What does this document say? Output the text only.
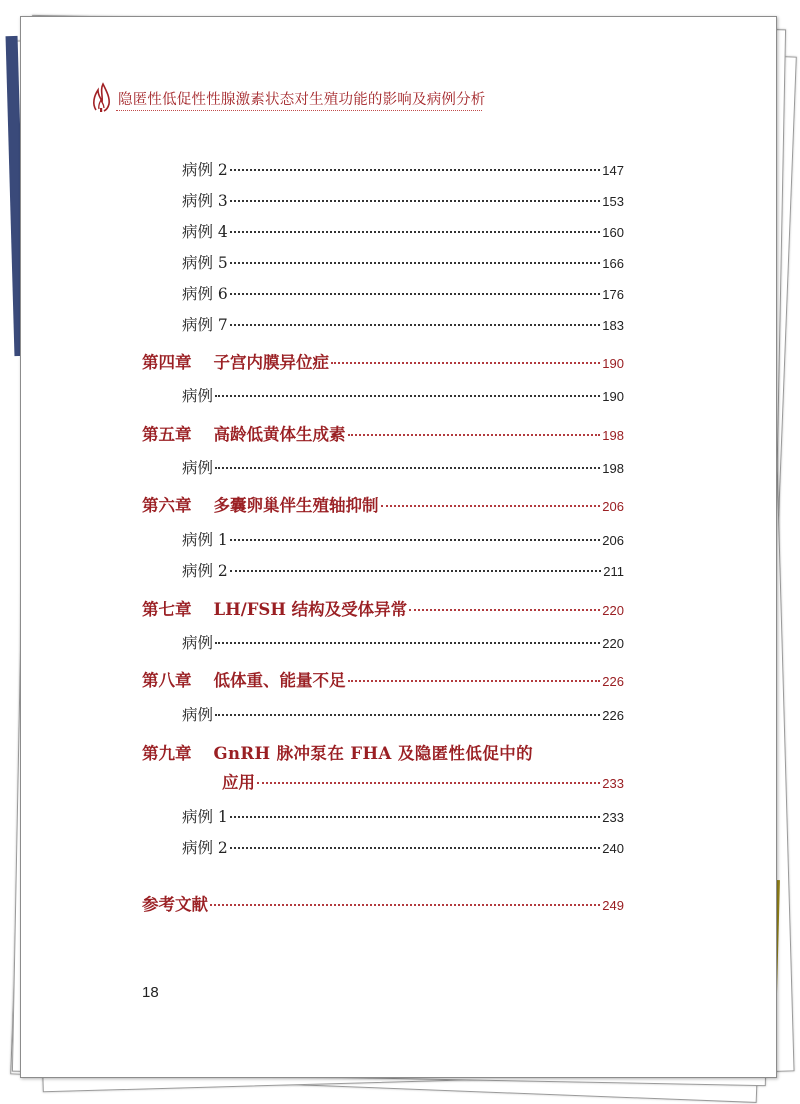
隐匿性低促性性腺激素状态对生殖功能的影响及病例分析
病例 2	147
病例 3	153
病例 4	160
病例 5	166
病例 6	176
病例 7	183
第四章 子宫内膜异位症	190
病例	190
第五章 高龄低黄体生成素	198
病例	198
第六章 多囊卵巢伴生殖轴抑制	206
病例 1	206
病例 2	211
第七章 LH/FSH 结构及受体异常	220
病例	220
第八章 低体重、能量不足	226
病例	226
第九章 GnRH 脉冲泵在 FHA 及隐匿性低促中的
应用	233
病例 1	233
病例 2	240
参考文献	249
18
